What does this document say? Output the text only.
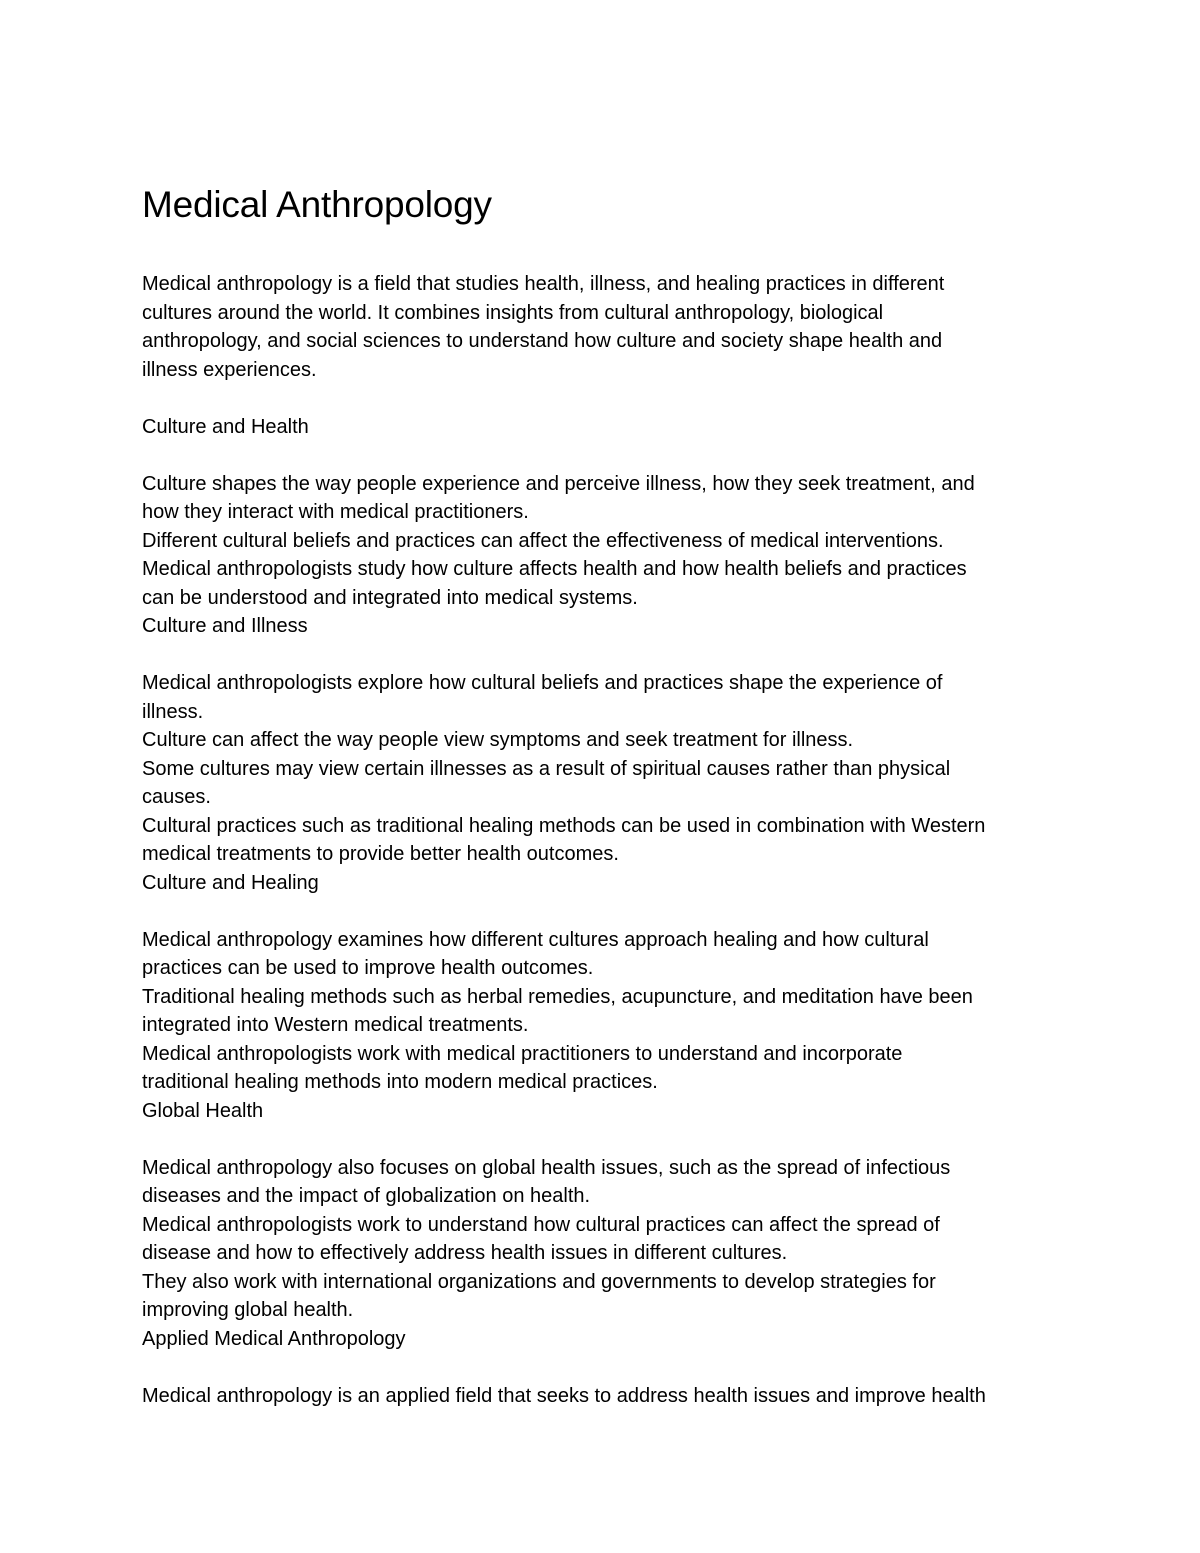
Medical Anthropology

Medical anthropology is a field that studies health, illness, and healing practices in different

cultures around the world. It combines insights from cultural anthropology, biological

anthropology, and social sciences to understand how culture and society shape health and

illness experiences.

Culture and Health

Culture shapes the way people experience and perceive illness, how they seek treatment, and

how they interact with medical practitioners.

Different cultural beliefs and practices can affect the effectiveness of medical interventions.

Medical anthropologists study how culture affects health and how health beliefs and practices

can be understood and integrated into medical systems.

Culture and Illness

Medical anthropologists explore how cultural beliefs and practices shape the experience of

illness.

Culture can affect the way people view symptoms and seek treatment for illness.

Some cultures may view certain illnesses as a result of spiritual causes rather than physical

causes.

Cultural practices such as traditional healing methods can be used in combination with Western

medical treatments to provide better health outcomes.

Culture and Healing

Medical anthropology examines how different cultures approach healing and how cultural

practices can be used to improve health outcomes.

Traditional healing methods such as herbal remedies, acupuncture, and meditation have been

integrated into Western medical treatments.

Medical anthropologists work with medical practitioners to understand and incorporate

traditional healing methods into modern medical practices.

Global Health

Medical anthropology also focuses on global health issues, such as the spread of infectious

diseases and the impact of globalization on health.

Medical anthropologists work to understand how cultural practices can affect the spread of

disease and how to effectively address health issues in different cultures.

They also work with international organizations and governments to develop strategies for

improving global health.

Applied Medical Anthropology

Medical anthropology is an applied field that seeks to address health issues and improve health
